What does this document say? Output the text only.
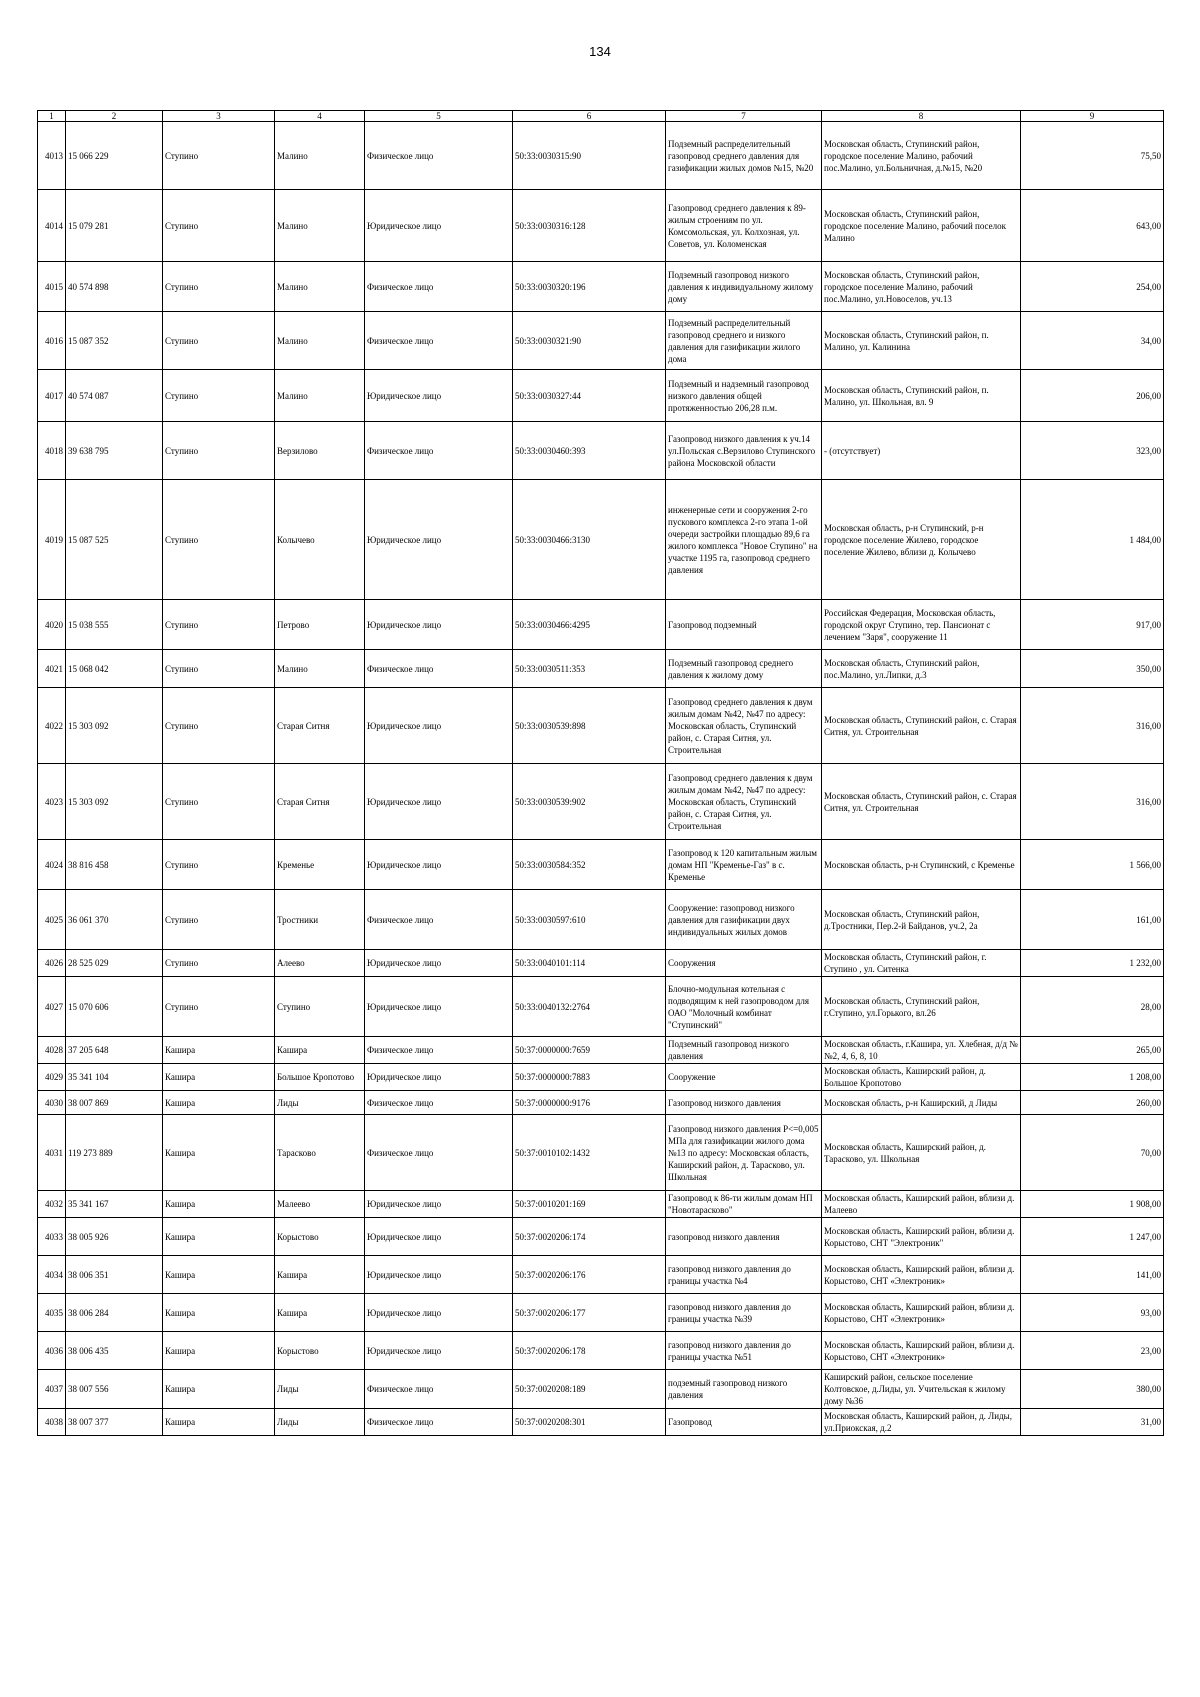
134
1	2	3	4	5	6	7	8	9
4013	15 066 229	Ступино	Малино	Физическое лицо	50:33:0030315:90	Подземный распределительный газопровод среднего давления для газификации жилых домов №15, №20	Московская область, Ступинский район, городское поселение Малино, рабочий пос.Малино, ул.Больничная, д.№15, №20	75,50
4014	15 079 281	Ступино	Малино	Юридическое лицо	50:33:0030316:128	Газопровод среднего давления к 89-жилым строениям по ул. Комсомольская, ул. Колхозная, ул. Советов, ул. Коломенская	Московская область, Ступинский район, городское поселение Малино, рабочий поселок Малино	643,00
4015	40 574 898	Ступино	Малино	Физическое лицо	50:33:0030320:196	Подземный газопровод низкого давления к индивидуальному жилому дому	Московская область, Ступинский район, городское поселение Малино, рабочий пос.Малино, ул.Новоселов, уч.13	254,00
4016	15 087 352	Ступино	Малино	Физическое лицо	50:33:0030321:90	Подземный распределительный газопровод среднего и низкого давления для газификации жилого дома	Московская область, Ступинский район, п. Малино, ул. Калинина	34,00
4017	40 574 087	Ступино	Малино	Юридическое лицо	50:33:0030327:44	Подземный и надземный газопровод низкого давления общей протяженностью 206,28 п.м.	Московская область, Ступинский район, п. Малино, ул. Школьная, вл. 9	206,00
4018	39 638 795	Ступино	Верзилово	Физическое лицо	50:33:0030460:393	Газопровод низкого давления к уч.14 ул.Польская с.Верзилово Ступинского района Московской области	- (отсутствует)	323,00
4019	15 087 525	Ступино	Колычево	Юридическое лицо	50:33:0030466:3130	инженерные сети и сооружения 2-го пускового комплекса 2-го этапа 1-ой очереди застройки площадью 89,6 га жилого комплекса "Новое Ступино" на участке 1195 га, газопровод среднего давления	Московская область, р-н Ступинский, р-н городское поселение Жилево, городское поселение Жилево, вблизи д. Колычево	1 484,00
4020	15 038 555	Ступино	Петрово	Юридическое лицо	50:33:0030466:4295	Газопровод подземный	Российская Федерация, Московская область, городской округ Ступино, тер. Пансионат с лечением "Заря", сооружение 11	917,00
4021	15 068 042	Ступино	Малино	Физическое лицо	50:33:0030511:353	Подземный газопровод среднего давления к жилому дому	Московская область, Ступинский район, пос.Малино, ул.Липки, д.3	350,00
4022	15 303 092	Ступино	Старая Ситня	Юридическое лицо	50:33:0030539:898	Газопровод среднего давления к двум жилым домам №42, №47 по адресу: Московская область, Ступинский район, с. Старая Ситня, ул. Строительная	Московская область, Ступинский район, с. Старая Ситня, ул. Строительная	316,00
4023	15 303 092	Ступино	Старая Ситня	Юридическое лицо	50:33:0030539:902	Газопровод среднего давления к двум жилым домам №42, №47 по адресу: Московская область, Ступинский район, с. Старая Ситня, ул. Строительная	Московская область, Ступинский район, с. Старая Ситня, ул. Строительная	316,00
4024	38 816 458	Ступино	Кременье	Юридическое лицо	50:33:0030584:352	Газопровод к 120 капитальным жилым домам НП "Кременье-Газ" в с. Кременье	Московская область, р-н Ступинский, с Кременье	1 566,00
4025	36 061 370	Ступино	Тростники	Физическое лицо	50:33:0030597:610	Сооружение: газопровод низкого давления для газификации двух индивидуальных жилых домов	Московская область, Ступинский район, д.Тростники, Пер.2-й Байданов, уч.2, 2а	161,00
4026	28 525 029	Ступино	Алеево	Юридическое лицо	50:33:0040101:114	Сооружения	Московская область, Ступинский район, г. Ступино , ул. Ситенка	1 232,00
4027	15 070 606	Ступино	Ступино	Юридическое лицо	50:33:0040132:2764	Блочно-модульная котельная с подводящим к ней газопроводом для ОАО "Молочный комбинат "Ступинский"	Московская область, Ступинский район, г.Ступино, ул.Горького, вл.26	28,00
4028	37 205 648	Кашира	Кашира	Физическое лицо	50:37:0000000:7659	Подземный газопровод низкого давления	Московская область, г.Кашира, ул. Хлебная, д/д №№2, 4, 6, 8, 10	265,00
4029	35 341 104	Кашира	Большое Кропотово	Юридическое лицо	50:37:0000000:7883	Сооружение	Московская область, Каширский район, д. Большое Кропотово	1 208,00
4030	38 007 869	Кашира	Лиды	Физическое лицо	50:37:0000000:9176	Газопровод низкого давления	Московская область, р-н Каширский, д Лиды	260,00
4031	119 273 889	Кашира	Тарасково	Физическое лицо	50:37:0010102:1432	Газопровод низкого давления P<=0,005 МПа для газификации жилого дома №13 по адресу: Московская область, Каширский район, д. Тарасково, ул. Школьная	Московская область, Каширский район, д. Тарасково, ул. Школьная	70,00
4032	35 341 167	Кашира	Малеево	Юридическое лицо	50:37:0010201:169	Газопровод к 86-ти жилым домам НП "Новотарасково"	Московская область, Каширский район, вблизи д. Малеево	1 908,00
4033	38 005 926	Кашира	Корыстово	Юридическое лицо	50:37:0020206:174	газопровод низкого давления	Московская область, Каширский район, вблизи д. Корыстово, СНТ "Электроник"	1 247,00
4034	38 006 351	Кашира	Кашира	Юридическое лицо	50:37:0020206:176	газопровод низкого давления до границы участка №4	Московская область, Каширский район, вблизи д. Корыстово, СНТ «Электроник»	141,00
4035	38 006 284	Кашира	Кашира	Юридическое лицо	50:37:0020206:177	газопровод низкого давления до границы участка №39	Московская область, Каширский район, вблизи д. Корыстово, СНТ «Электроник»	93,00
4036	38 006 435	Кашира	Корыстово	Юридическое лицо	50:37:0020206:178	газопровод низкого давления до границы участка №51	Московская область, Каширский район, вблизи д. Корыстово, СНТ «Электроник»	23,00
4037	38 007 556	Кашира	Лиды	Физическое лицо	50:37:0020208:189	подземный газопровод низкого давления	Каширский район, сельское поселение Колтовское, д.Лиды, ул. Учительская к жилому дому №36	380,00
4038	38 007 377	Кашира	Лиды	Физическое лицо	50:37:0020208:301	Газопровод	Московская область, Каширский район, д. Лиды, ул.Приокская, д.2	31,00
